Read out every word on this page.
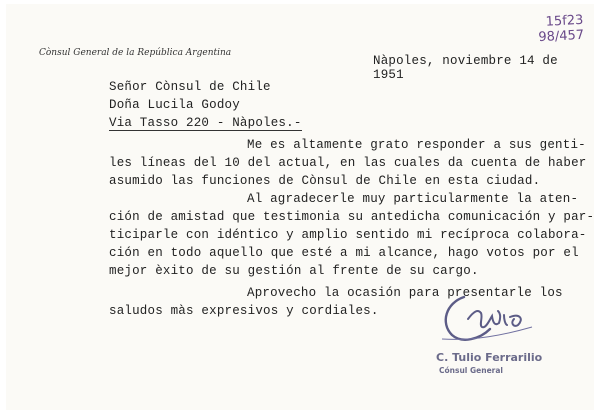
15f23
98/457
Cònsul General de la República Argentina
Nàpoles, noviembre 14 de 1951
Señor Cònsul de Chile
Doña Lucila Godoy
Via Tasso 220 - Nàpoles.-
Me es altamente grato responder a sus genti-
les líneas del 10 del actual, en las cuales da cuenta de haber
asumido las funciones de Cònsul de Chile en esta ciudad.
Al agradecerle muy particularmente la aten-
ción de amistad que testimonia su antedicha comunicación y par-
ticiparle con idéntico y amplio sentido mi recíproca colabora-
ción en todo aquello que esté a mi alcance, hago votos por el
mejor èxito de su gestión al frente de su cargo.
Aprovecho la ocasión para presentarle los
saludos màs expresivos y cordiales.
C. Tulio Ferrarilio
Cónsul General
